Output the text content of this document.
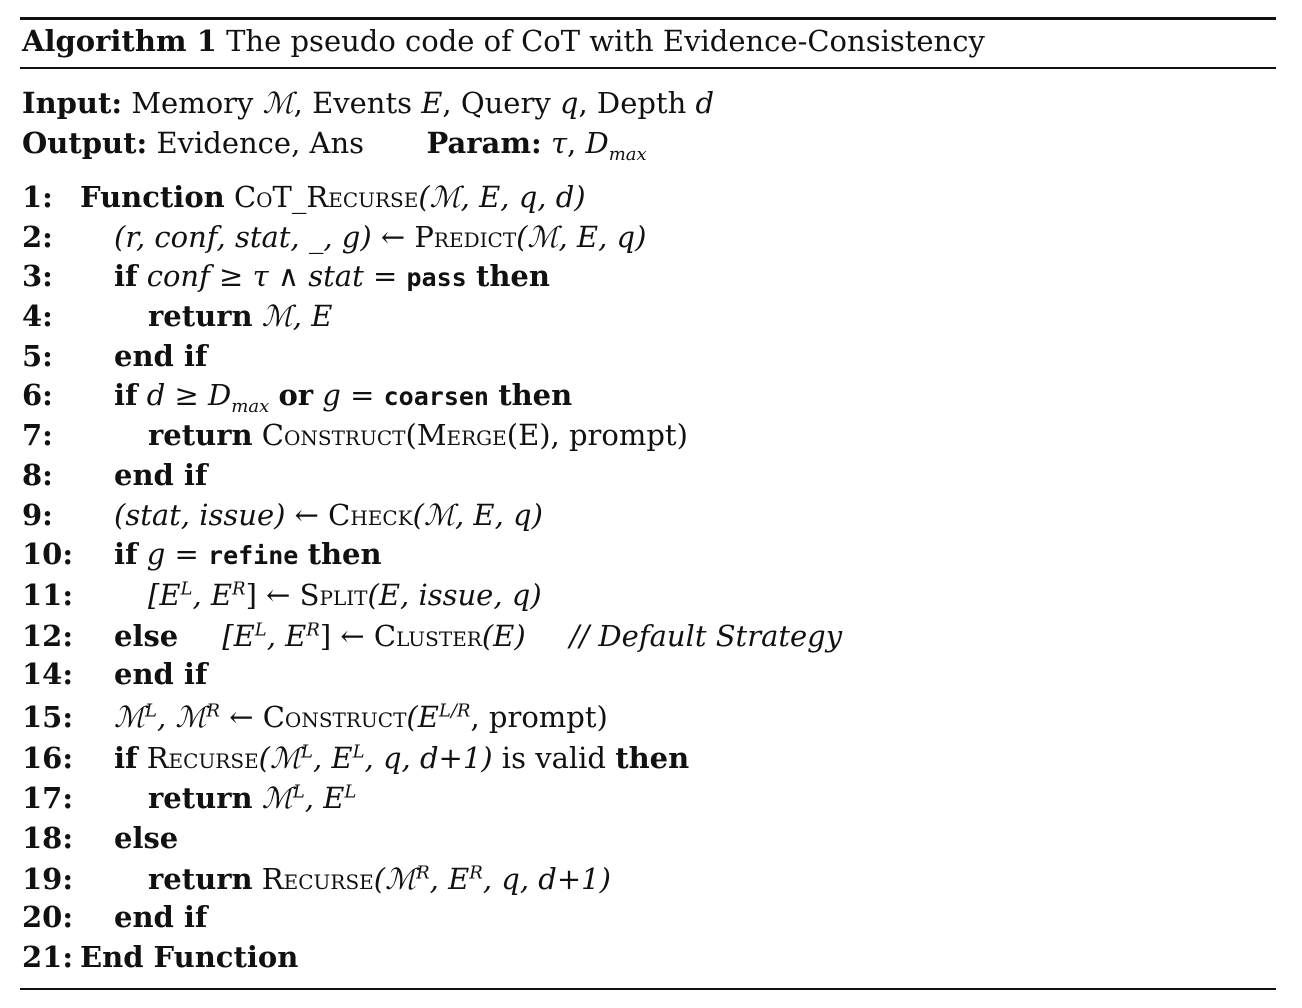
Algorithm 1 The pseudo code of CoT with Evidence-Consistency
Input: Memory ℳ, Events E, Query q, Depth d
Output: Evidence, Ans Param: τ, $D_{max}$
1: Function CoT_Recurse(ℳ, E, q, d)
2: (r, conf, stat, _, g) ← Predict(ℳ, E, q)
3: if conf ≥ τ ∧ stat = pass then
4:	return ℳ, E
5: end if
6: if $d \ge D_{max}$ or g = coarsen then
7:	return Construct(Merge(E), prompt)
8: end if
9: (stat, issue) ← Check(ℳ, E, q)
10: if g = refine then
11:	[$E^L$, $E^R$] ← Split(E, issue, q)
12: else [$E^L$, $E^R$] ← Cluster(E) // Default Strategy
14: end if
15: ℳ$^L$, ℳ$^R$ ← $Construct(E^{L/R}$, prompt)
16: if Recurse(ℳ$^L$, $E^L$, q, d+1) is valid then
17:	return ℳ$^L$, $E^L$
18: else
19:	return Recurse(ℳ$^R$, $E^R$, q, d+1)
20: end if
21: End Function
